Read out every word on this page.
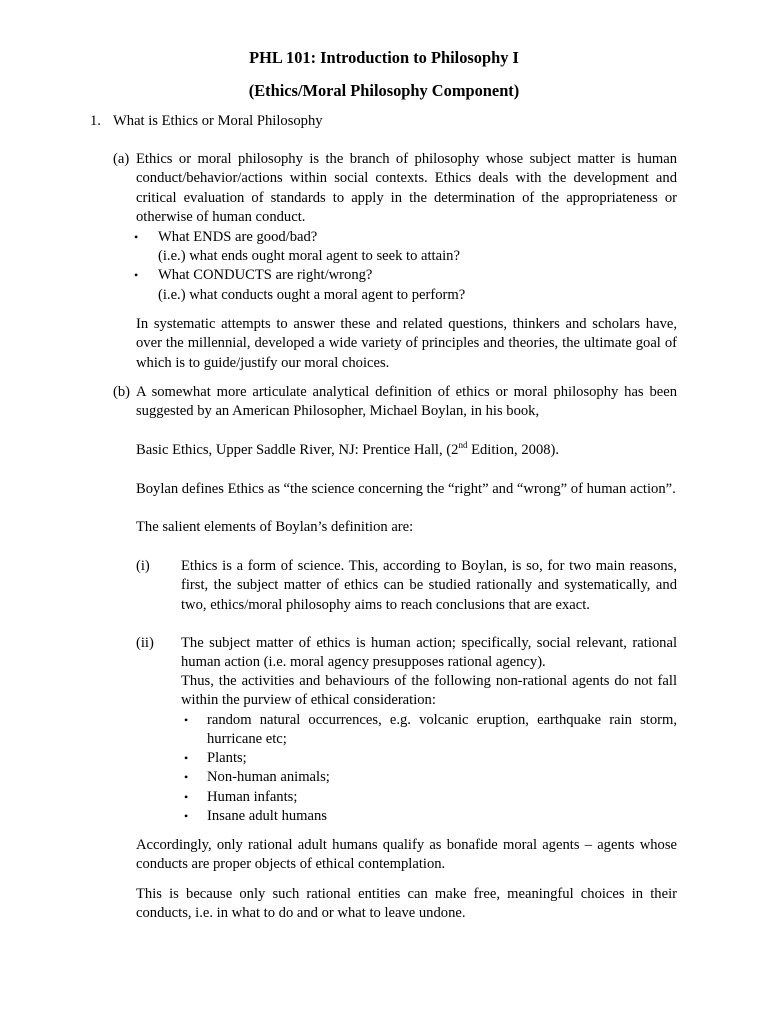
PHL 101: Introduction to Philosophy I
(Ethics/Moral Philosophy Component)
1. What is Ethics or Moral Philosophy
(a) Ethics or moral philosophy is the branch of philosophy whose subject matter is human conduct/behavior/actions within social contexts. Ethics deals with the development and critical evaluation of standards to apply in the determination of the appropriateness or otherwise of human conduct.
• What ENDS are good/bad?
(i.e.) what ends ought moral agent to seek to attain?
• What CONDUCTS are right/wrong?
(i.e.) what conducts ought a moral agent to perform?
In systematic attempts to answer these and related questions, thinkers and scholars have, over the millennial, developed a wide variety of principles and theories, the ultimate goal of which is to guide/justify our moral choices.
(b) A somewhat more articulate analytical definition of ethics or moral philosophy has been suggested by an American Philosopher, Michael Boylan, in his book,
Basic Ethics, Upper Saddle River, NJ: Prentice Hall, (2nd Edition, 2008).
Boylan defines Ethics as “the science concerning the “right” and “wrong” of human action”.
The salient elements of Boylan’s definition are:
(i) Ethics is a form of science. This, according to Boylan, is so, for two main reasons, first, the subject matter of ethics can be studied rationally and systematically, and two, ethics/moral philosophy aims to reach conclusions that are exact.
(ii) The subject matter of ethics is human action; specifically, social relevant, rational human action (i.e. moral agency presupposes rational agency).
Thus, the activities and behaviours of the following non-rational agents do not fall within the purview of ethical consideration:
• random natural occurrences, e.g. volcanic eruption, earthquake rain storm, hurricane etc;
• Plants;
• Non-human animals;
• Human infants;
• Insane adult humans
Accordingly, only rational adult humans qualify as bonafide moral agents – agents whose conducts are proper objects of ethical contemplation.
This is because only such rational entities can make free, meaningful choices in their conducts, i.e. in what to do and or what to leave undone.
